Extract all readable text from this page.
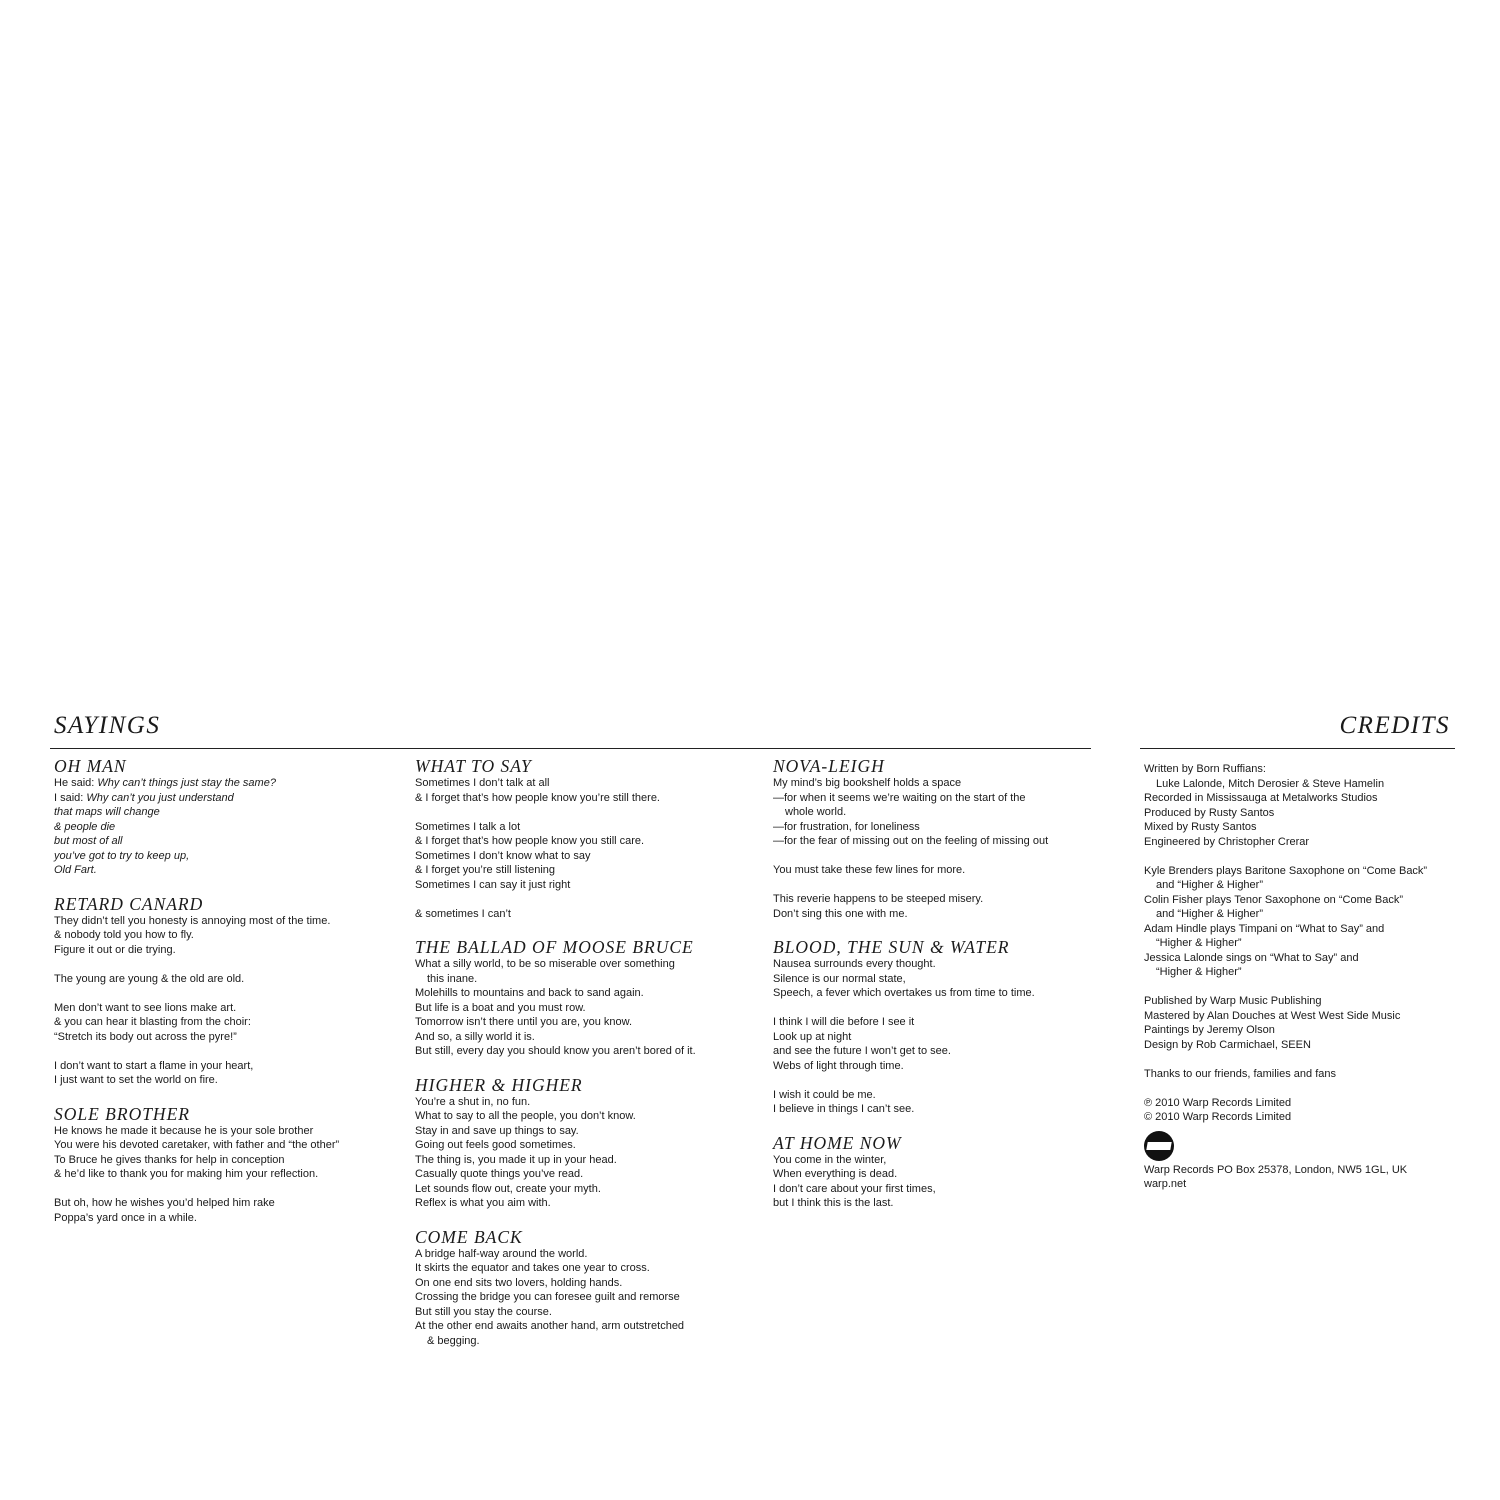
SAYINGS	CREDITS
OH MAN

He said: Why can’t things just stay the same?

I said: Why can’t you just understand

that maps will change

& people die

but most of all

you’ve got to try to keep up,

Old Fart.

RETARD CANARD

They didn’t tell you honesty is annoying most of the time.

& nobody told you how to fly.

Figure it out or die trying.

The young are young & the old are old.

Men don’t want to see lions make art.

& you can hear it blasting from the choir:

“Stretch its body out across the pyre!”

I don’t want to start a flame in your heart,

I just want to set the world on fire.

SOLE BROTHER

He knows he made it because he is your sole brother

You were his devoted caretaker, with father and “the other”

To Bruce he gives thanks for help in conception

& he’d like to thank you for making him your reflection.

But oh, how he wishes you’d helped him rake

Poppa’s yard once in a while.

WHAT TO SAY

Sometimes I don’t talk at all

& I forget that’s how people know you’re still there.

Sometimes I talk a lot

& I forget that’s how people know you still care.

Sometimes I don’t know what to say

& I forget you’re still listening

Sometimes I can say it just right

& sometimes I can’t

THE BALLAD OF MOOSE BRUCE

What a silly world, to be so miserable over something

this inane.

Molehills to mountains and back to sand again.

But life is a boat and you must row.

Tomorrow isn’t there until you are, you know.

And so, a silly world it is.

But still, every day you should know you aren’t bored of it.

HIGHER & HIGHER

You’re a shut in, no fun.

What to say to all the people, you don’t know.

Stay in and save up things to say.

Going out feels good sometimes.

The thing is, you made it up in your head.

Casually quote things you’ve read.

Let sounds flow out, create your myth.

Reflex is what you aim with.

COME BACK

A bridge half-way around the world.

It skirts the equator and takes one year to cross.

On one end sits two lovers, holding hands.

Crossing the bridge you can foresee guilt and remorse

But still you stay the course.

At the other end awaits another hand, arm outstretched

& begging.

NOVA-LEIGH

My mind’s big bookshelf holds a space

—for when it seems we’re waiting on the start of the

whole world.

—for frustration, for loneliness

—for the fear of missing out on the feeling of missing out

You must take these few lines for more.

This reverie happens to be steeped misery.

Don’t sing this one with me.

BLOOD, THE SUN & WATER

Nausea surrounds every thought.

Silence is our normal state,

Speech, a fever which overtakes us from time to time.

I think I will die before I see it

Look up at night

and see the future I won’t get to see.

Webs of light through time.

I wish it could be me.

I believe in things I can’t see.

AT HOME NOW

You come in the winter,

When everything is dead.

I don’t care about your first times,

but I think this is the last.

Written by Born Ruffians:

Luke Lalonde, Mitch Derosier & Steve Hamelin

Recorded in Mississauga at Metalworks Studios

Produced by Rusty Santos

Mixed by Rusty Santos

Engineered by Christopher Crerar

Kyle Brenders plays Baritone Saxophone on “Come Back”

and “Higher & Higher”

Colin Fisher plays Tenor Saxophone on “Come Back”

and “Higher & Higher”

Adam Hindle plays Timpani on “What to Say” and

“Higher & Higher”

Jessica Lalonde sings on “What to Say” and

“Higher & Higher”

Published by Warp Music Publishing

Mastered by Alan Douches at West West Side Music

Paintings by Jeremy Olson

Design by Rob Carmichael, SEEN

Thanks to our friends, families and fans

℗ 2010 Warp Records Limited

© 2010 Warp Records Limited

Warp Records PO Box 25378, London, NW5 1GL, UK

warp.net
